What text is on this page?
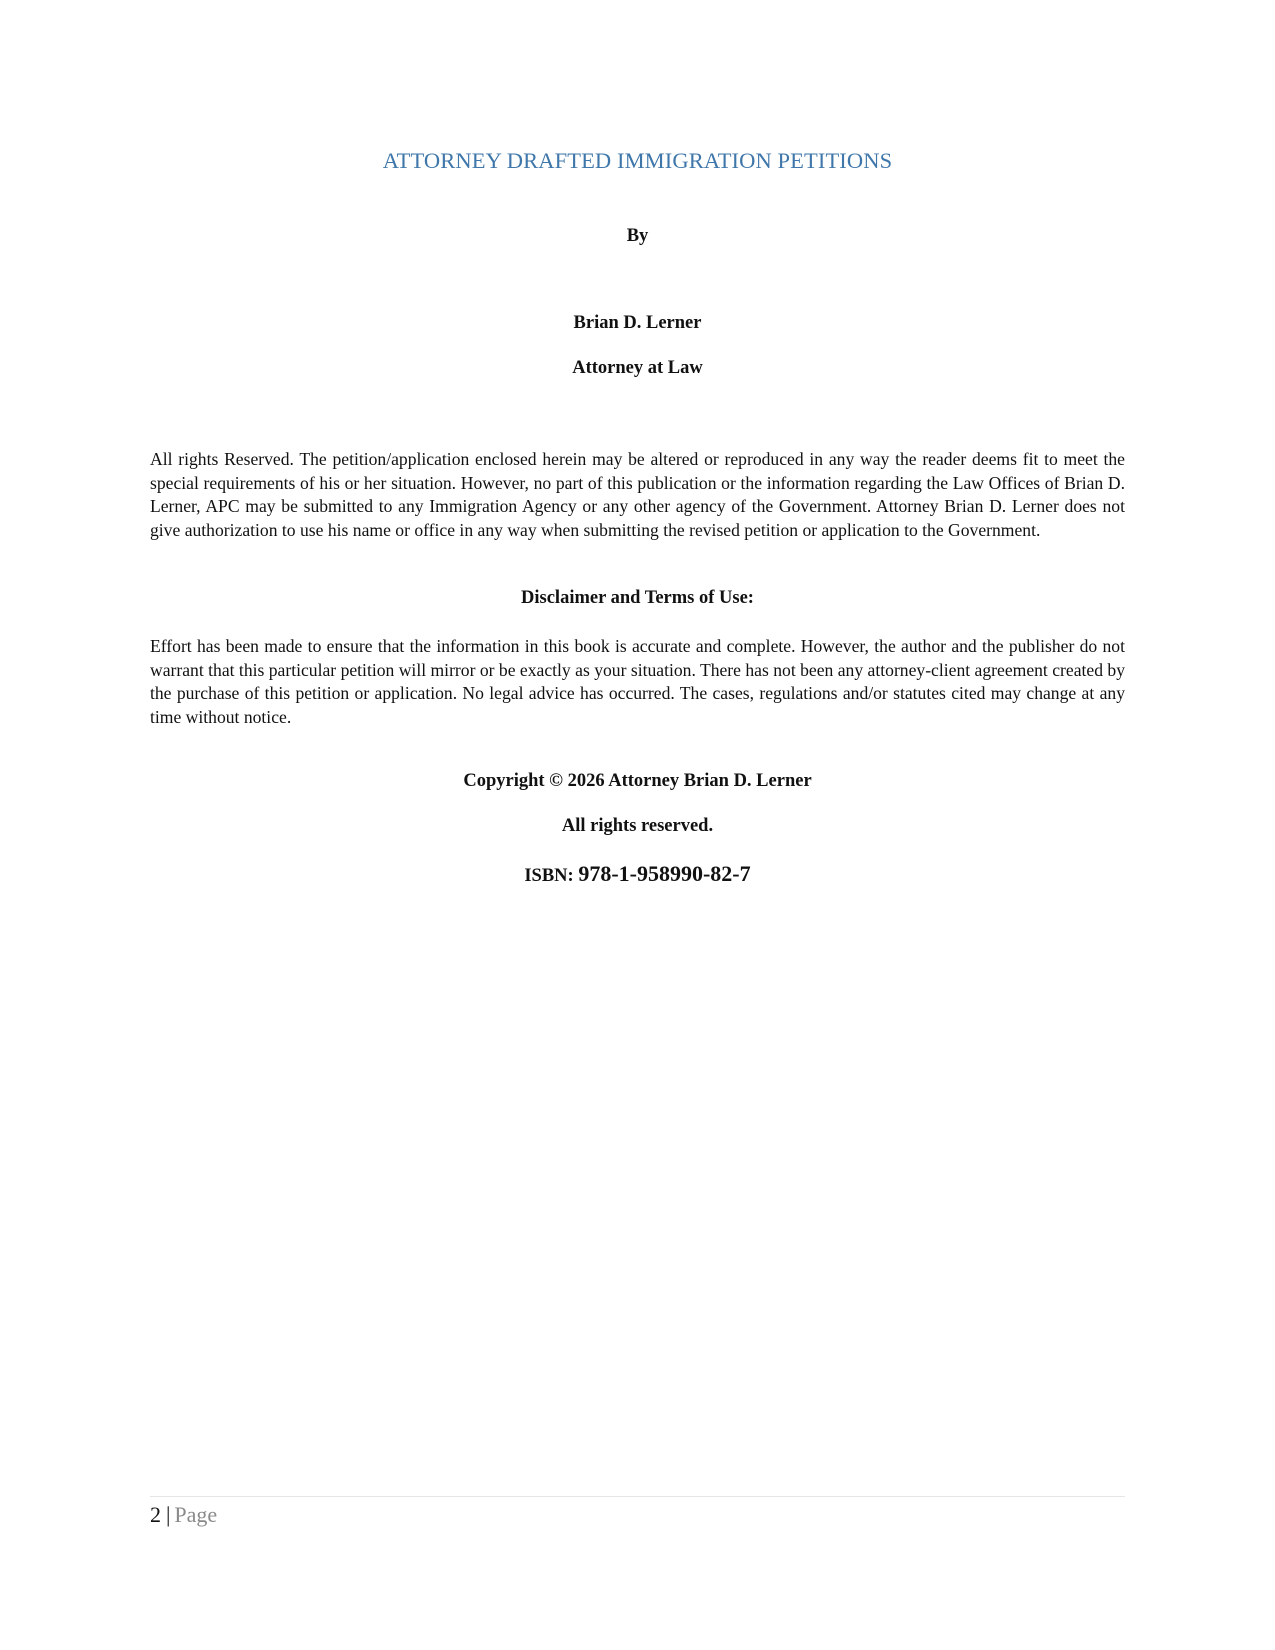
ATTORNEY DRAFTED IMMIGRATION PETITIONS
By
Brian D. Lerner
Attorney at Law
All rights Reserved. The petition/application enclosed herein may be altered or reproduced in any way the reader deems fit to meet the special requirements of his or her situation. However, no part of this publication or the information regarding the Law Offices of Brian D. Lerner, APC may be submitted to any Immigration Agency or any other agency of the Government. Attorney Brian D. Lerner does not give authorization to use his name or office in any way when submitting the revised petition or application to the Government.
Disclaimer and Terms of Use:
Effort has been made to ensure that the information in this book is accurate and complete. However, the author and the publisher do not warrant that this particular petition will mirror or be exactly as your situation. There has not been any attorney-client agreement created by the purchase of this petition or application. No legal advice has occurred. The cases, regulations and/or statutes cited may change at any time without notice.
Copyright © 2026 Attorney Brian D. Lerner
All rights reserved.
ISBN: 978-1-958990-82-7
2 | Page
